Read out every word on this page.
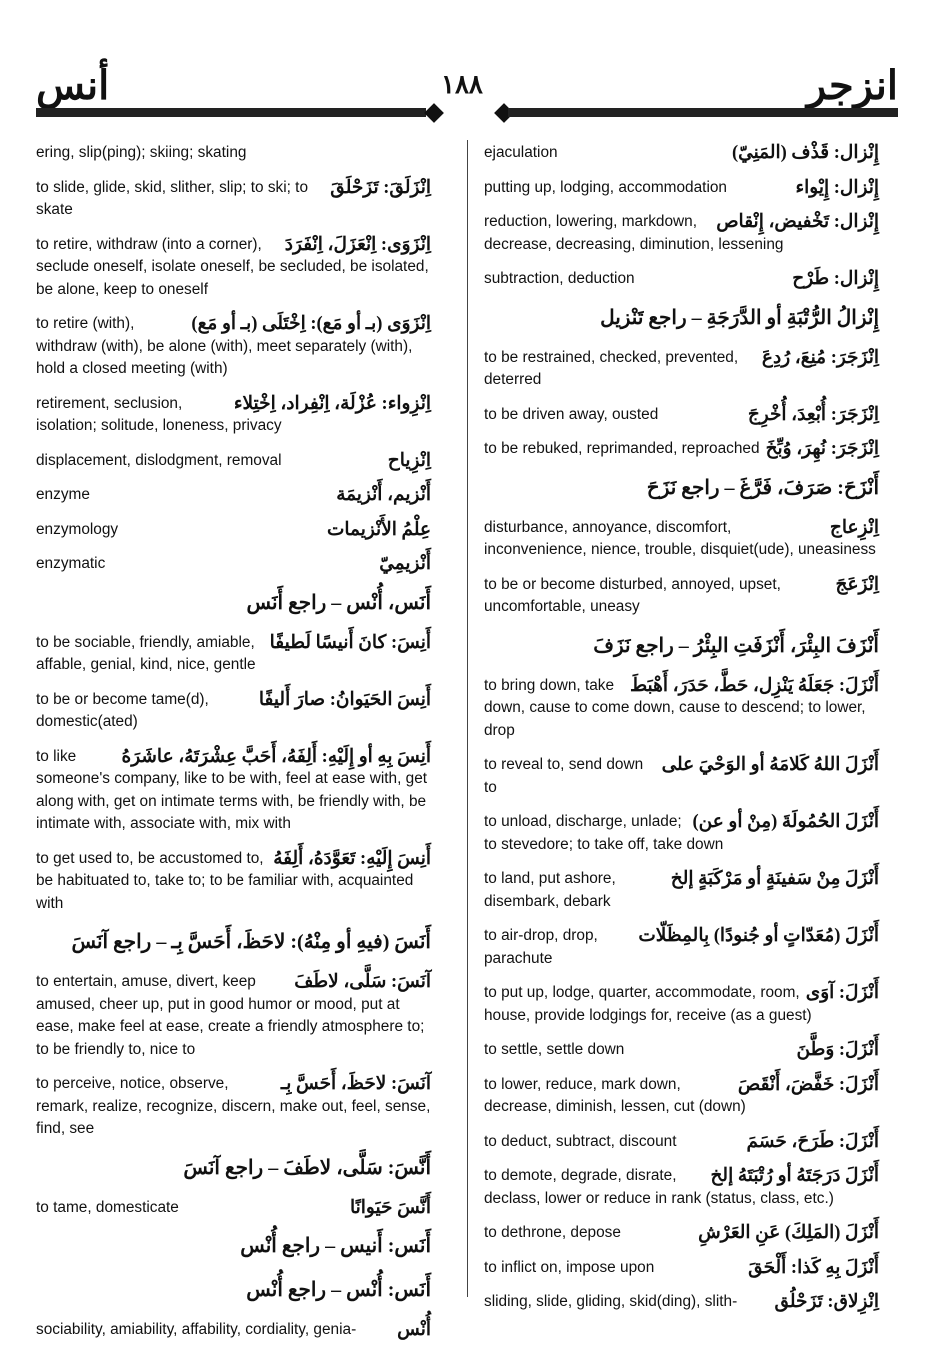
أنس	١٨٨	انزجر
ering, slip(ping); skiing; skating
اِنْزَلَقَ: تَزَحْلَقَ
to slide, glide, skid, slither, slip; to ski; to skate
اِنْزَوَى: اِنْعَزَلَ، اِنْفَرَدَ
to retire, withdraw (into a corner), seclude oneself, isolate oneself, be secluded, be isolated, be alone, keep to oneself
اِنْزَوَى (بـ أو مَع): اِخْتَلَى (بـ أو مَع)
to retire (with), withdraw (with), be alone (with), meet separately (with), hold a closed meeting (with)
اِنْزِواء: عُزْلَة، اِنْفِراد، اِخْتِلاء
retirement, seclusion, isolation; solitude, loneness, privacy
اِنْزِياح
displacement, dislodgment, removal
أَنْزيم، أَنْزيمَة
enzyme
عِلْمُ الأَنْزيمات
enzymology
أَنْزيمِيّ
enzymatic
أَنَس، أُنْس – راجع أَنَس
أَنِسَ: كانَ أَنيسًا لَطيفًا
to be sociable, friendly, amiable, affable, genial, kind, nice, gentle
أَنِسَ الحَيَوانُ: صارَ أَليفًا
to be or become tame(d), domestic(ated)
أَنِسَ بِهِ أو إِلَيْهِ: أَلِفَهُ، أَحَبَّ عِشْرَتَهُ، عاشَرَهُ
to like someone's company, like to be with, feel at ease with, get along with, get on intimate terms with, be friendly with, be intimate with, associate with, mix with
أَنِسَ إِلَيْهِ: تَعَوَّدَهُ، أَلِفَهُ
to get used to, be accustomed to, be habituated to, take to; to be familiar with, acquainted with
أَنَسَ (فيهِ أو مِنْهُ): لاحَظَ، أَحَسَّ بِـ – راجع آنَسَ
آنَسَ: سَلَّى، لاطَفَ
to entertain, amuse, divert, keep amused, cheer up, put in good humor or mood, put at ease, make feel at ease, create a friendly atmosphere to; to be friendly to, nice to
آنَسَ: لاحَظَ، أَحَسَّ بِـ
to perceive, notice, observe, remark, realize, recognize, discern, make out, feel, sense, find, see
أَنَّسَ: سَلَّى، لاطَفَ – راجع آنَسَ
أَنَّسَ حَيَوانًا
to tame, domesticate
أَنَس: أَنيس – راجع أُنْس
أَنَس: أُنْس – راجع أُنْس
أُنْس
sociability, amiability, affability, cordiality, genia-
إِنْزال: قَذْف (المَنِيّ)
ejaculation
إِنْزال: إِيْواء
putting up, lodging, accommodation
إِنْزال: تَخْفيض، إِنْقاص
reduction, lowering, markdown, decrease, decreasing, diminution, lessening
إِنْزال: طَرْح
subtraction, deduction
إِنْزالُ الرُّتْبَةِ أو الدَّرَجَةِ – راجع تَنْزيل
اِنْزَجَرَ: مُنِعَ، رُدِعَ
to be restrained, checked, prevented, deterred
اِنْزَجَرَ: أُبْعِدَ، أُخْرِجَ
to be driven away, ousted
اِنْزَجَرَ: نُهِرَ، وُبِّخَ
to be rebuked, reprimanded, reproached
أَنْزَحَ: صَرَفَ، فَرَّغَ – راجع نَزَحَ
اِنْزِعاج
disturbance, annoyance, discomfort, inconvenience, nience, trouble, disquiet(ude), uneasiness
اِنْزَعَجَ
to be or become disturbed, annoyed, upset, uncomfortable, uneasy
أَنْزَفَ البِئْرَ، أَنْزَفَتِ البِئْرُ – راجع نَزَفَ
أَنْزَلَ: جَعَلَهُ يَنْزِل، حَطَّ، حَدَرَ، أَهْبَطَ
to bring down, take down, cause to come down, cause to descend; to lower, drop
أَنْزَلَ اللهُ كَلامَهُ أو الوَحْيَ على
to reveal to, send down to
أَنْزَلَ الحُمُولَةَ (مِنْ أو عن)
to unload, discharge, unlade; to stevedore; to take off, take down
أَنْزَلَ مِنْ سَفينَةٍ أو مَرْكَبَةٍ إلخ
to land, put ashore, disembark, debark
أَنْزَلَ (مُعَدّاتٍ أو جُنودًا) بِالمِظَلّات
to air-drop, drop, parachute
أَنْزَلَ: آوَى
to put up, lodge, quarter, accommodate, room, house, provide lodgings for, receive (as a guest)
أَنْزَلَ: وَطَّنَ
to settle, settle down
أَنْزَلَ: خَفَّضَ، أَنْقَصَ
to lower, reduce, mark down, decrease, diminish, lessen, cut (down)
أَنْزَلَ: طَرَحَ، حَسَمَ
to deduct, subtract, discount
أَنْزَلَ دَرَجَتَهُ أو رُتْبَتَهُ إلخ
to demote, degrade, disrate, declass, lower or reduce in rank (status, class, etc.)
أَنْزَلَ (المَلِكَ) عَنِ العَرْشِ
to dethrone, depose
أَنْزَلَ بِهِ كَذا: أَلْحَقَ
to inflict on, impose upon
اِنْزِلاق: تَزَحْلُق
sliding, slide, gliding, skid(ding), slith-
